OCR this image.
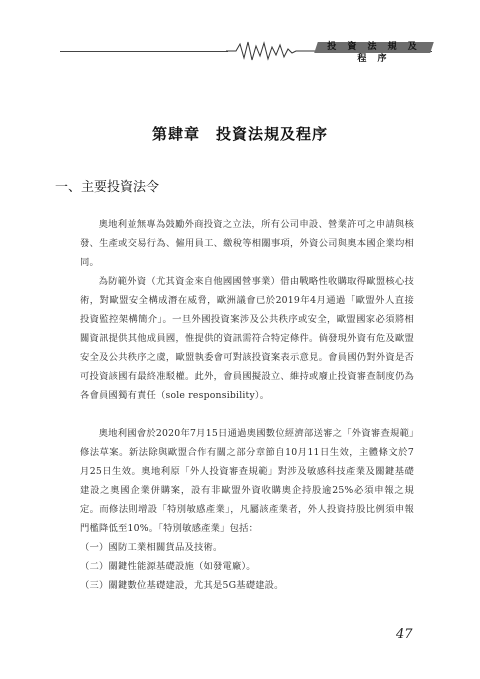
投 資 法 規 及 程 序
第肆章　投資法規及程序
一、主要投資法令

奧地利並無專為鼓勵外商投資之立法，所有公司申設、營業許可之申請與核發、生產或交易行為、僱用員工、繳稅等相關事項，外資公司與奧本國企業均相同。

為防範外資（尤其資金來自他國國營事業）借由戰略性收購取得歐盟核心技術，對歐盟安全構成潛在威脅，歐洲議會已於2019年4月通過「歐盟外人直接投資監控架構簡介」。一旦外國投資案涉及公共秩序或安全，歐盟國家必須將相關資訊提供其他成員國，惟提供的資訊需符合特定條件。倘發現外資有危及歐盟安全及公共秩序之虞，歐盟執委會可對該投資案表示意見。會員國仍對外資是否可投資該國有最終准駁權。此外，會員國擬設立、維持或廢止投資審查制度仍為各會員國獨有責任（sole responsibility）。

奧地利國會於2020年7月15日通過奧國數位經濟部送審之「外資審查規範」修法草案。新法除與歐盟合作有關之部分章節自10月11日生效，主體條文於7月25日生效。奧地利原「外人投資審查規範」對涉及敏感科技產業及關鍵基礎建設之奧國企業併購案，設有非歐盟外資收購奧企持股逾25%必須申報之規定。而修法則增設「特別敏感產業」，凡屬該產業者，外人投資持股比例須申報門檻降低至10%。「特別敏感產業」包括：

（一）國防工業相關貨品及技術。
（二）關鍵性能源基礎設施（如發電廠）。
（三）關鍵數位基礎建設，尤其是5G基礎建設。
47
